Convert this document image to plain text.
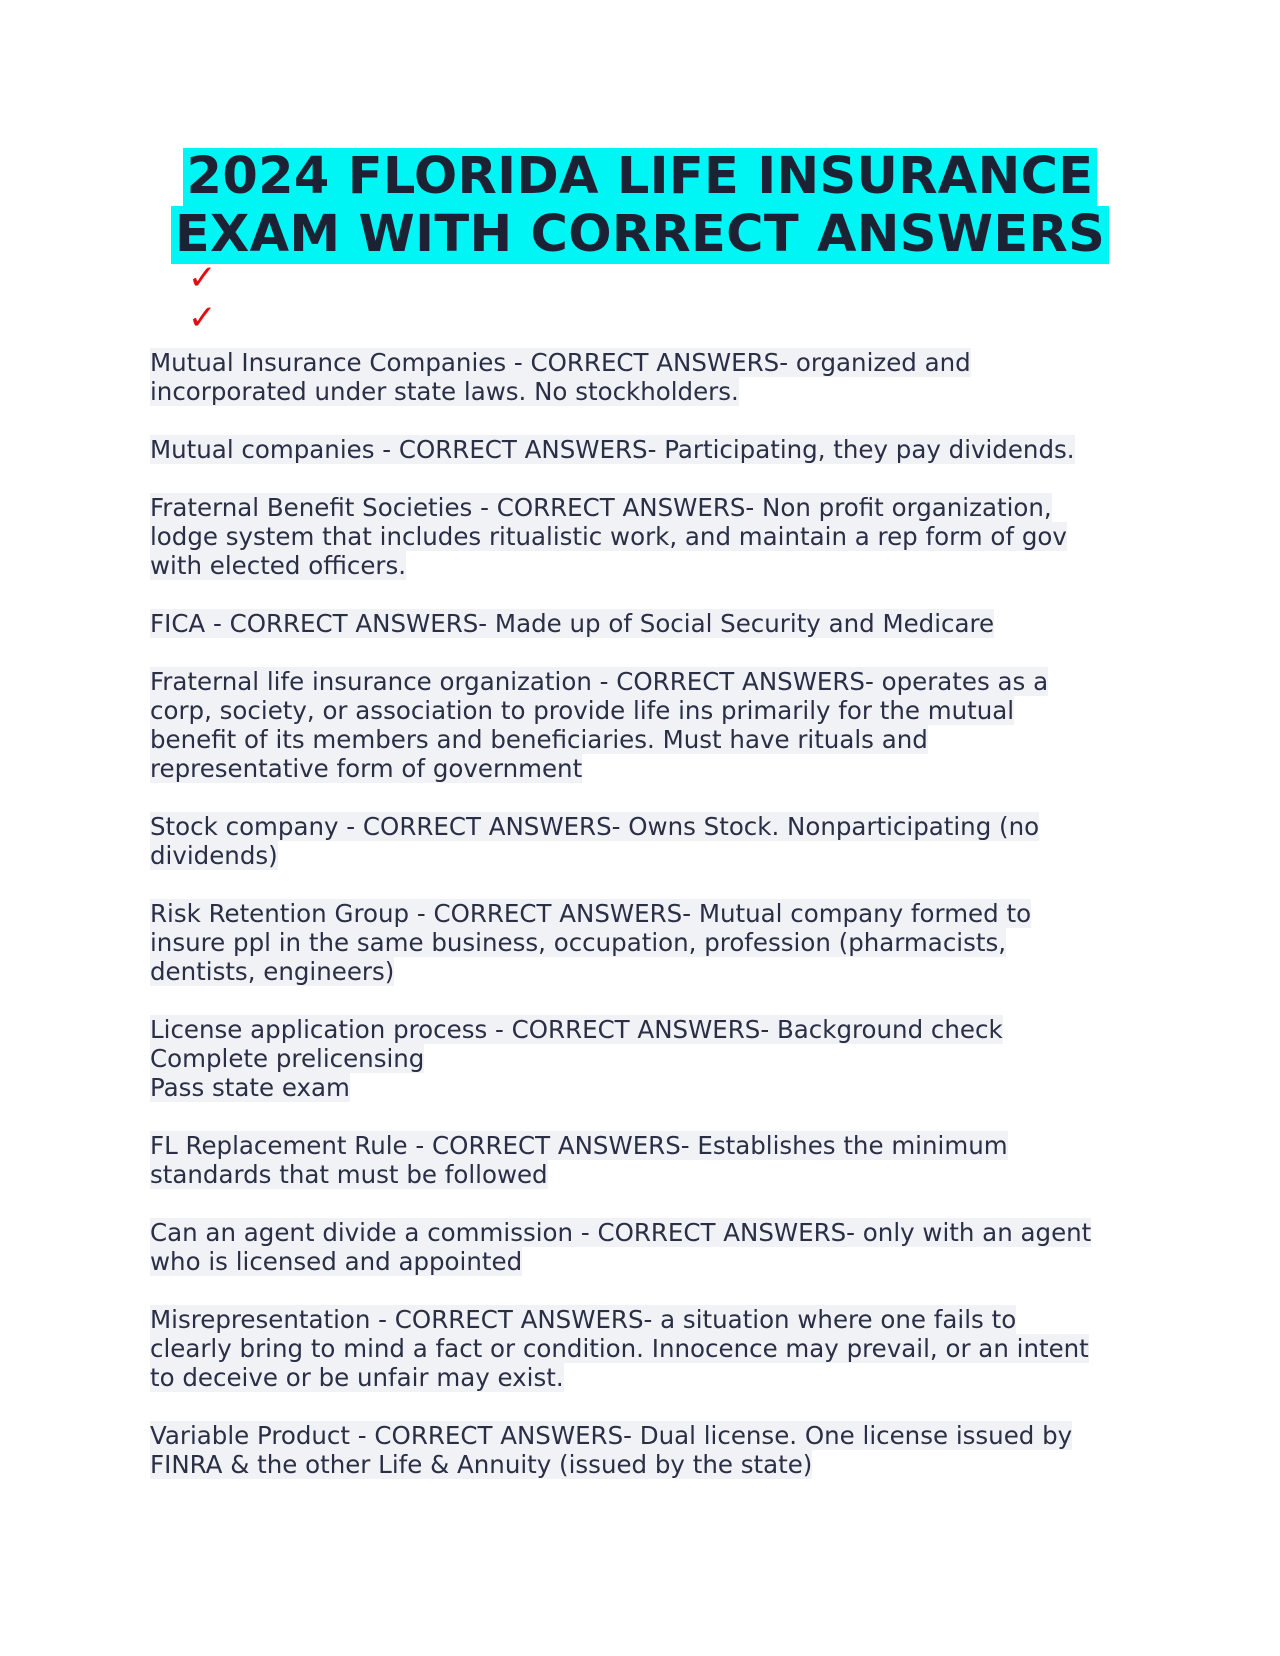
2024 FLORIDA LIFE INSURANCE
EXAM WITH CORRECT ANSWERS
✓
✓
Mutual Insurance Companies - CORRECT ANSWERS- organized and
incorporated under state laws. No stockholders.
Mutual companies - CORRECT ANSWERS- Participating, they pay dividends.
Fraternal Benefit Societies - CORRECT ANSWERS- Non profit organization,
lodge system that includes ritualistic work, and maintain a rep form of gov
with elected officers.
FICA - CORRECT ANSWERS- Made up of Social Security and Medicare
Fraternal life insurance organization - CORRECT ANSWERS- operates as a
corp, society, or association to provide life ins primarily for the mutual
benefit of its members and beneficiaries. Must have rituals and
representative form of government
Stock company - CORRECT ANSWERS- Owns Stock. Nonparticipating (no
dividends)
Risk Retention Group - CORRECT ANSWERS- Mutual company formed to
insure ppl in the same business, occupation, profession (pharmacists,
dentists, engineers)
License application process - CORRECT ANSWERS- Background check
Complete prelicensing
Pass state exam
FL Replacement Rule - CORRECT ANSWERS- Establishes the minimum
standards that must be followed
Can an agent divide a commission - CORRECT ANSWERS- only with an agent
who is licensed and appointed
Misrepresentation - CORRECT ANSWERS- a situation where one fails to
clearly bring to mind a fact or condition. Innocence may prevail, or an intent
to deceive or be unfair may exist.
Variable Product - CORRECT ANSWERS- Dual license. One license issued by
FINRA & the other Life & Annuity (issued by the state)
